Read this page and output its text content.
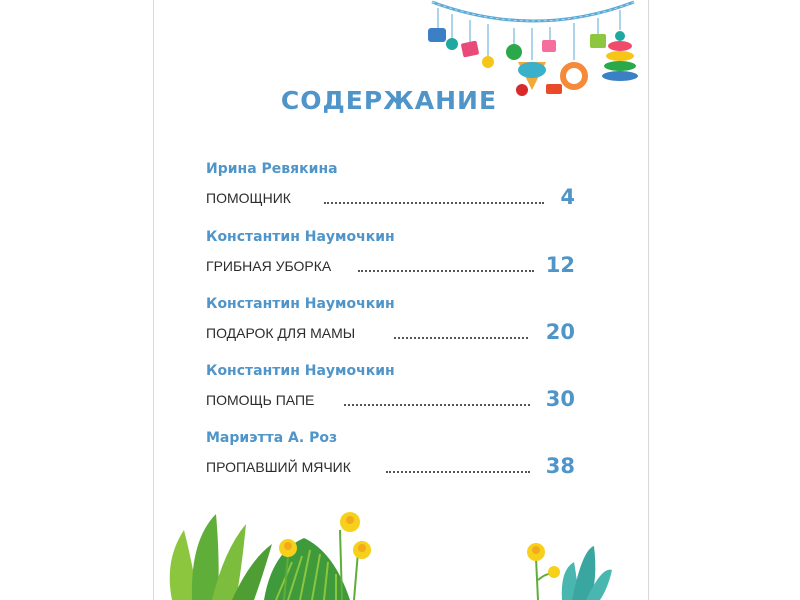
СОДЕРЖАНИЕ
Ирина Ревякина
ПОМОЩНИК	4
Константин Наумочкин
ГРИБНАЯ УБОРКА	12
Константин Наумочкин
ПОДАРОК ДЛЯ МАМЫ	20
Константин Наумочкин
ПОМОЩЬ ПАПЕ	30
Мариэтта А. Роз
ПРОПАВШИЙ МЯЧИК	38
